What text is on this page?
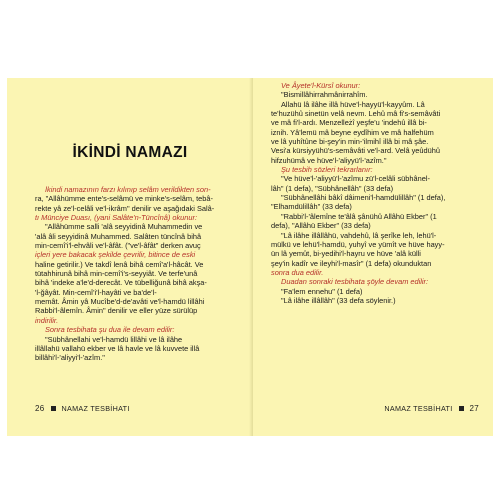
İKİNDİ NAMAZI

İkindi namazının farzı kılınıp selâm verildikten son-

ra, "Allâhümme ente's-selâmü ve minke's-selâm, tebâ-

rekte yâ ze'l-celâli ve'l-ikrâm" denilir ve aşağıdaki Salâ-

tı Münciye Duası, (yani Salâte'n-Tüncînâ) okunur:

"Allâhümme salli 'alâ seyyidinâ Muhammedin ve

'alâ âli seyyidinâ Muhammed. Salâten tüncînâ bihâ

min-cemî'i'l-ehvâli ve'l-âfât. ("ve'l-âfât" derken avuç

içleri yere bakacak şekilde çevrilir, bitince de eski

haline getirilir.) Ve takdî lenâ bihâ cemî'a'l-hâcât. Ve

tütahhirunâ bihâ min-cemî'i's-seyyiât. Ve terfe'unâ

bihâ 'indeke a'le'd-derecât. Ve tübelliğunâ bihâ akşa-

'l-ğâyât. Min-cemî'i'l-hayâti ve ba'de'l-

memât. Âmin yâ Mucîbe'd-de'avâti ve'l-hamdü lillâhi

Rabbi'l-âlemîn. Âmin" denilir ve eller yüze sürülüp

indirilir.

Sonra tesbihata şu dua ile devam edilir:

"Sübhânellahi ve'l-hamdü lillâhi ve lâ ilâhe

illâllahü vallahü ekber ve lâ havle ve lâ kuvvete illâ

billâhi'l-'aliyyi'l-'azîm."

26 NAMAZ TESBİHATI

Ve Âyete'l-Kürsî okunur:

"Bismillâhirrahmânirrahîm.

Allahü lâ ilâhe illâ hüve'l-hayyü'l-kayyûm. Lâ

te'huzühû sinetün velâ nevm. Lehû mâ fi's-semâvâti

ve mâ fi'l-ardı. Menzelleżî yeşfe'u 'indehû illâ bi-

iznih. Yâ'lemü mâ beyne eydîhim ve mâ halfehüm

ve lâ yuhîtûne bi-şey'in min-'ilmihî illâ bi mâ şâe.

Vesi'a kürsiyyühü's-semâvâti ve'l-ard. Velâ yeûdühû

hifzuhümâ ve hüve'l-'aliyyü'l-'azîm."

Şu tesbih sözleri tekrarlanır:

"Ve hüve'l-'aliyyü'l-'azîmu zü'l-celâli sübhânel-

lâh" (1 defa), "Sübhânellâh" (33 defa)

"Sübhânellâhi bâkî dâimeni'l-hamdülillâh" (1 defa),

"Elhamdülillâh" (33 defa)

"Rabbi'l-'âlemîne te'âlâ şânühû Allâhü Ekber" (1

defa), "Allâhü Ekber" (33 defa)

"Lâ ilâhe illâllâhü, vahdehû, lâ şerîke leh, lehü'l-

mülkü ve lehü'l-hamdü, yuhyî ve yümît ve hüve hayy-

ün lâ yemût, bi-yedihi'l-hayru ve hüve 'alâ külli

şey'in kadîr ve ileyhi'l-masîr" (1 defa) okunduktan

sonra dua edilir.

Duadan sonraki tesbihata şöyle devam edilir:

"Fa'lem ennehu" (1 defa)

"Lâ ilâhe illâllâh" (33 defa söylenir.)

NAMAZ TESBİHATI 27
